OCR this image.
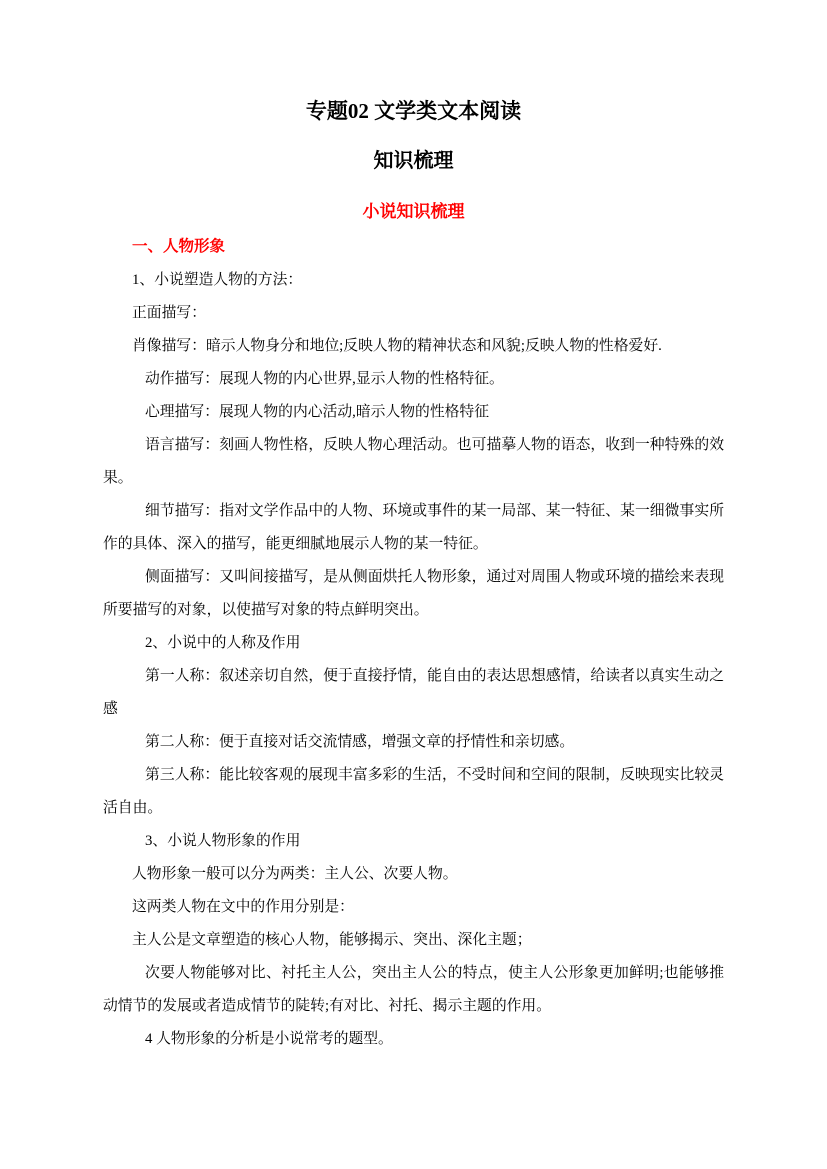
专题02 文学类文本阅读
知识梳理
小说知识梳理
一、人物形象

1、小说塑造人物的方法：

正面描写：

肖像描写：暗示人物身分和地位;反映人物的精神状态和风貌;反映人物的性格爱好.

动作描写：展现人物的内心世界,显示人物的性格特征。

心理描写：展现人物的内心活动,暗示人物的性格特征

语言描写：刻画人物性格，反映人物心理活动。也可描摹人物的语态，收到一种特殊的效果。

细节描写：指对文学作品中的人物、环境或事件的某一局部、某一特征、某一细微事实所作的具体、深入的描写，能更细腻地展示人物的某一特征。

侧面描写：又叫间接描写，是从侧面烘托人物形象，通过对周围人物或环境的描绘来表现所要描写的对象，以使描写对象的特点鲜明突出。

2、小说中的人称及作用

第一人称：叙述亲切自然，便于直接抒情，能自由的表达思想感情，给读者以真实生动之感

第二人称：便于直接对话交流情感，增强文章的抒情性和亲切感。

第三人称：能比较客观的展现丰富多彩的生活，不受时间和空间的限制，反映现实比较灵活自由。

3、小说人物形象的作用

人物形象一般可以分为两类：主人公、次要人物。

这两类人物在文中的作用分别是：

主人公是文章塑造的核心人物，能够揭示、突出、深化主题；

次要人物能够对比、衬托主人公，突出主人公的特点，使主人公形象更加鲜明;也能够推动情节的发展或者造成情节的陡转;有对比、衬托、揭示主题的作用。

4 人物形象的分析是小说常考的题型。
